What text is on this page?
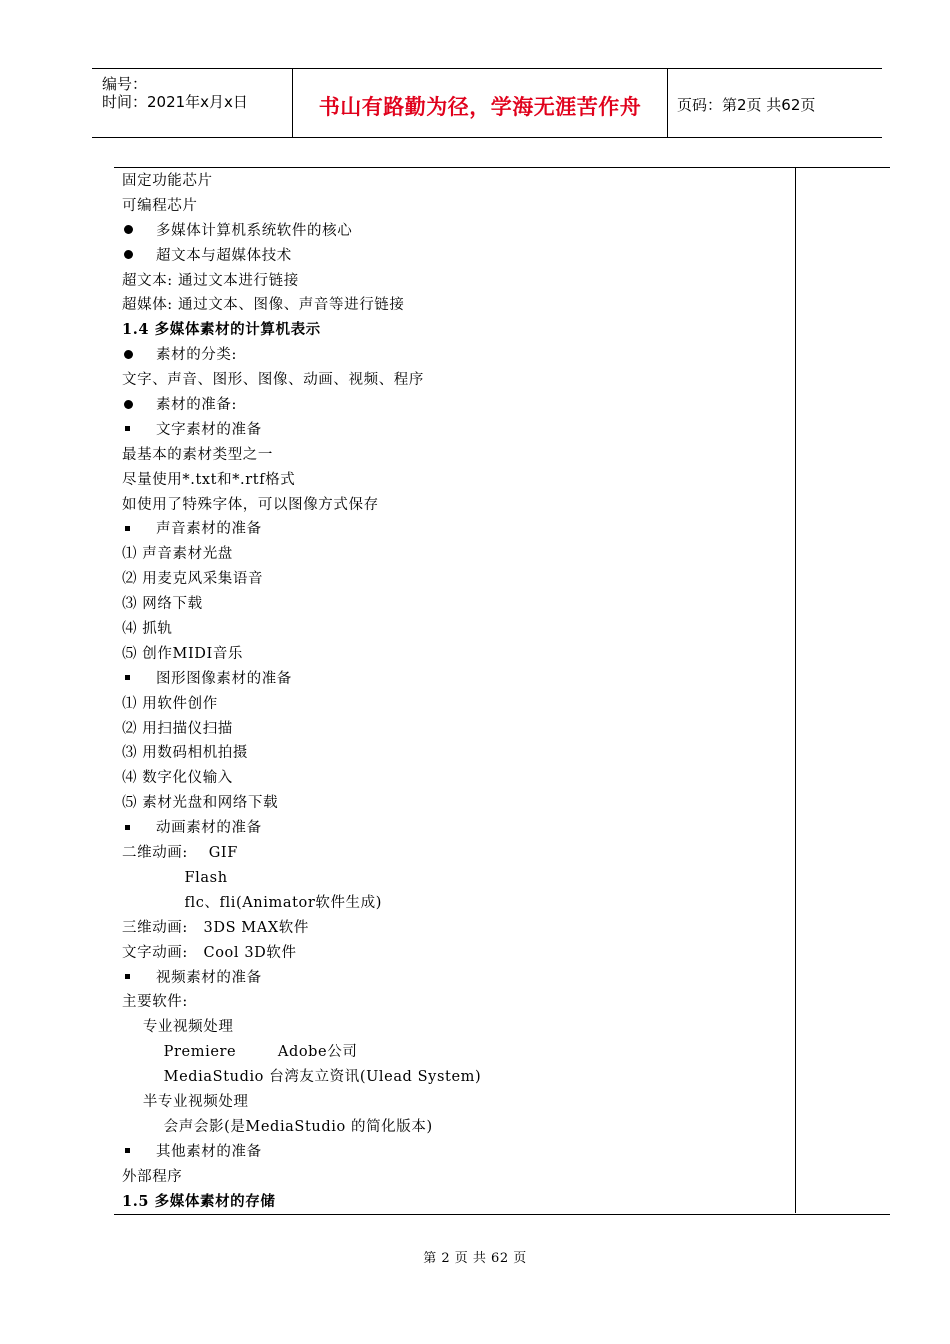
编号：
时间：2021年x月x日	书山有路勤为径，学海无涯苦作舟	页码：第2页 共62页
固定功能芯片
可编程芯片
多媒体计算机系统软件的核心
超文本与超媒体技术
超文本: 通过文本进行链接
超媒体: 通过文本、图像、声音等进行链接
1.4 多媒体素材的计算机表示
素材的分类:
文字、声音、图形、图像、动画、视频、程序
素材的准备:
文字素材的准备
最基本的素材类型之一
尽量使用*.txt和*.rtf格式
如使用了特殊字体，可以图像方式保存
声音素材的准备
⑴ 声音素材光盘
⑵ 用麦克风采集语音
⑶ 网络下载
⑷ 抓轨
⑸ 创作MIDI音乐
图形图像素材的准备
⑴ 用软件创作
⑵ 用扫描仪扫描
⑶ 用数码相机拍摄
⑷ 数字化仪输入
⑸ 素材光盘和网络下载
动画素材的准备
二维动画:    GIF
Flash
flc、fli(Animator软件生成)
三维动画:   3DS MAX软件
文字动画:   Cool 3D软件
视频素材的准备
主要软件:
专业视频处理
Premiere        Adobe公司
MediaStudio 台湾友立资讯(Ulead System)
半专业视频处理
会声会影(是MediaStudio 的简化版本)
其他素材的准备
外部程序
1.5 多媒体素材的存储
第 2 页 共 62 页
